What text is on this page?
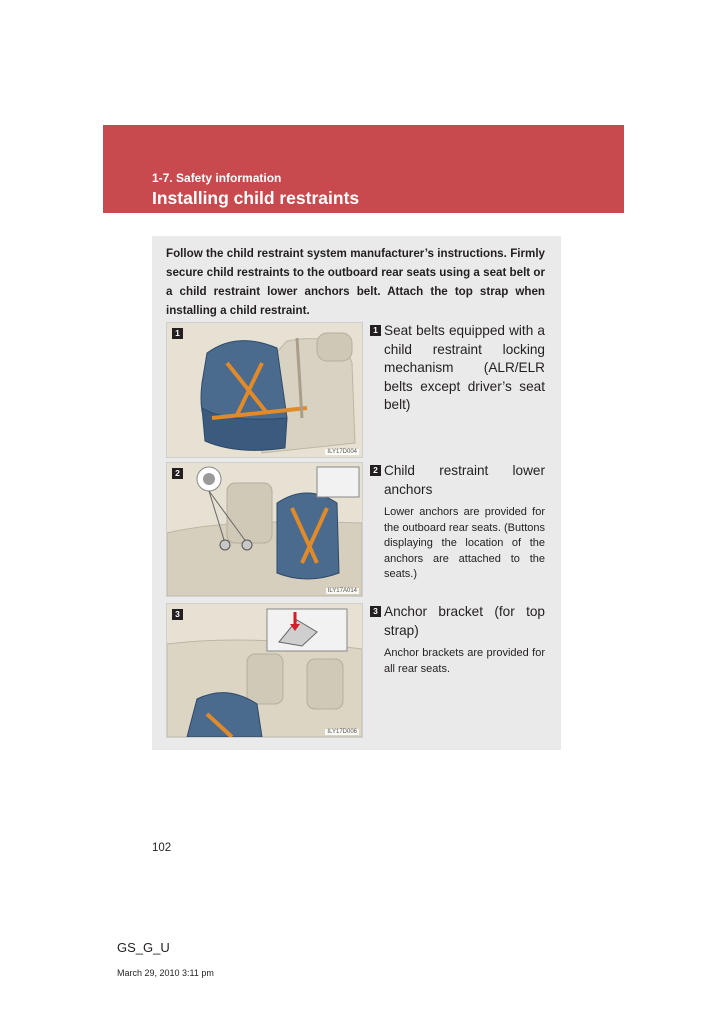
1-7. Safety information
Installing child restraints
Follow the child restraint system manufacturer’s instructions. Firmly secure child restraints to the outboard rear seats using a seat belt or a child restraint lower anchors belt. Attach the top strap when installing a child restraint.
1
ILY17D004
1 Seat belts equipped with a child restraint locking mechanism (ALR/ELR belts except driver’s seat belt)
2
ILY17A014
2 Child restraint lower anchors
Lower anchors are provided for the outboard rear seats. (Buttons displaying the location of the anchors are attached to the seats.)
3
ILY17D006
3 Anchor bracket (for top strap)
Anchor brackets are provided for all rear seats.
102
GS_G_U
March 29, 2010 3:11 pm
